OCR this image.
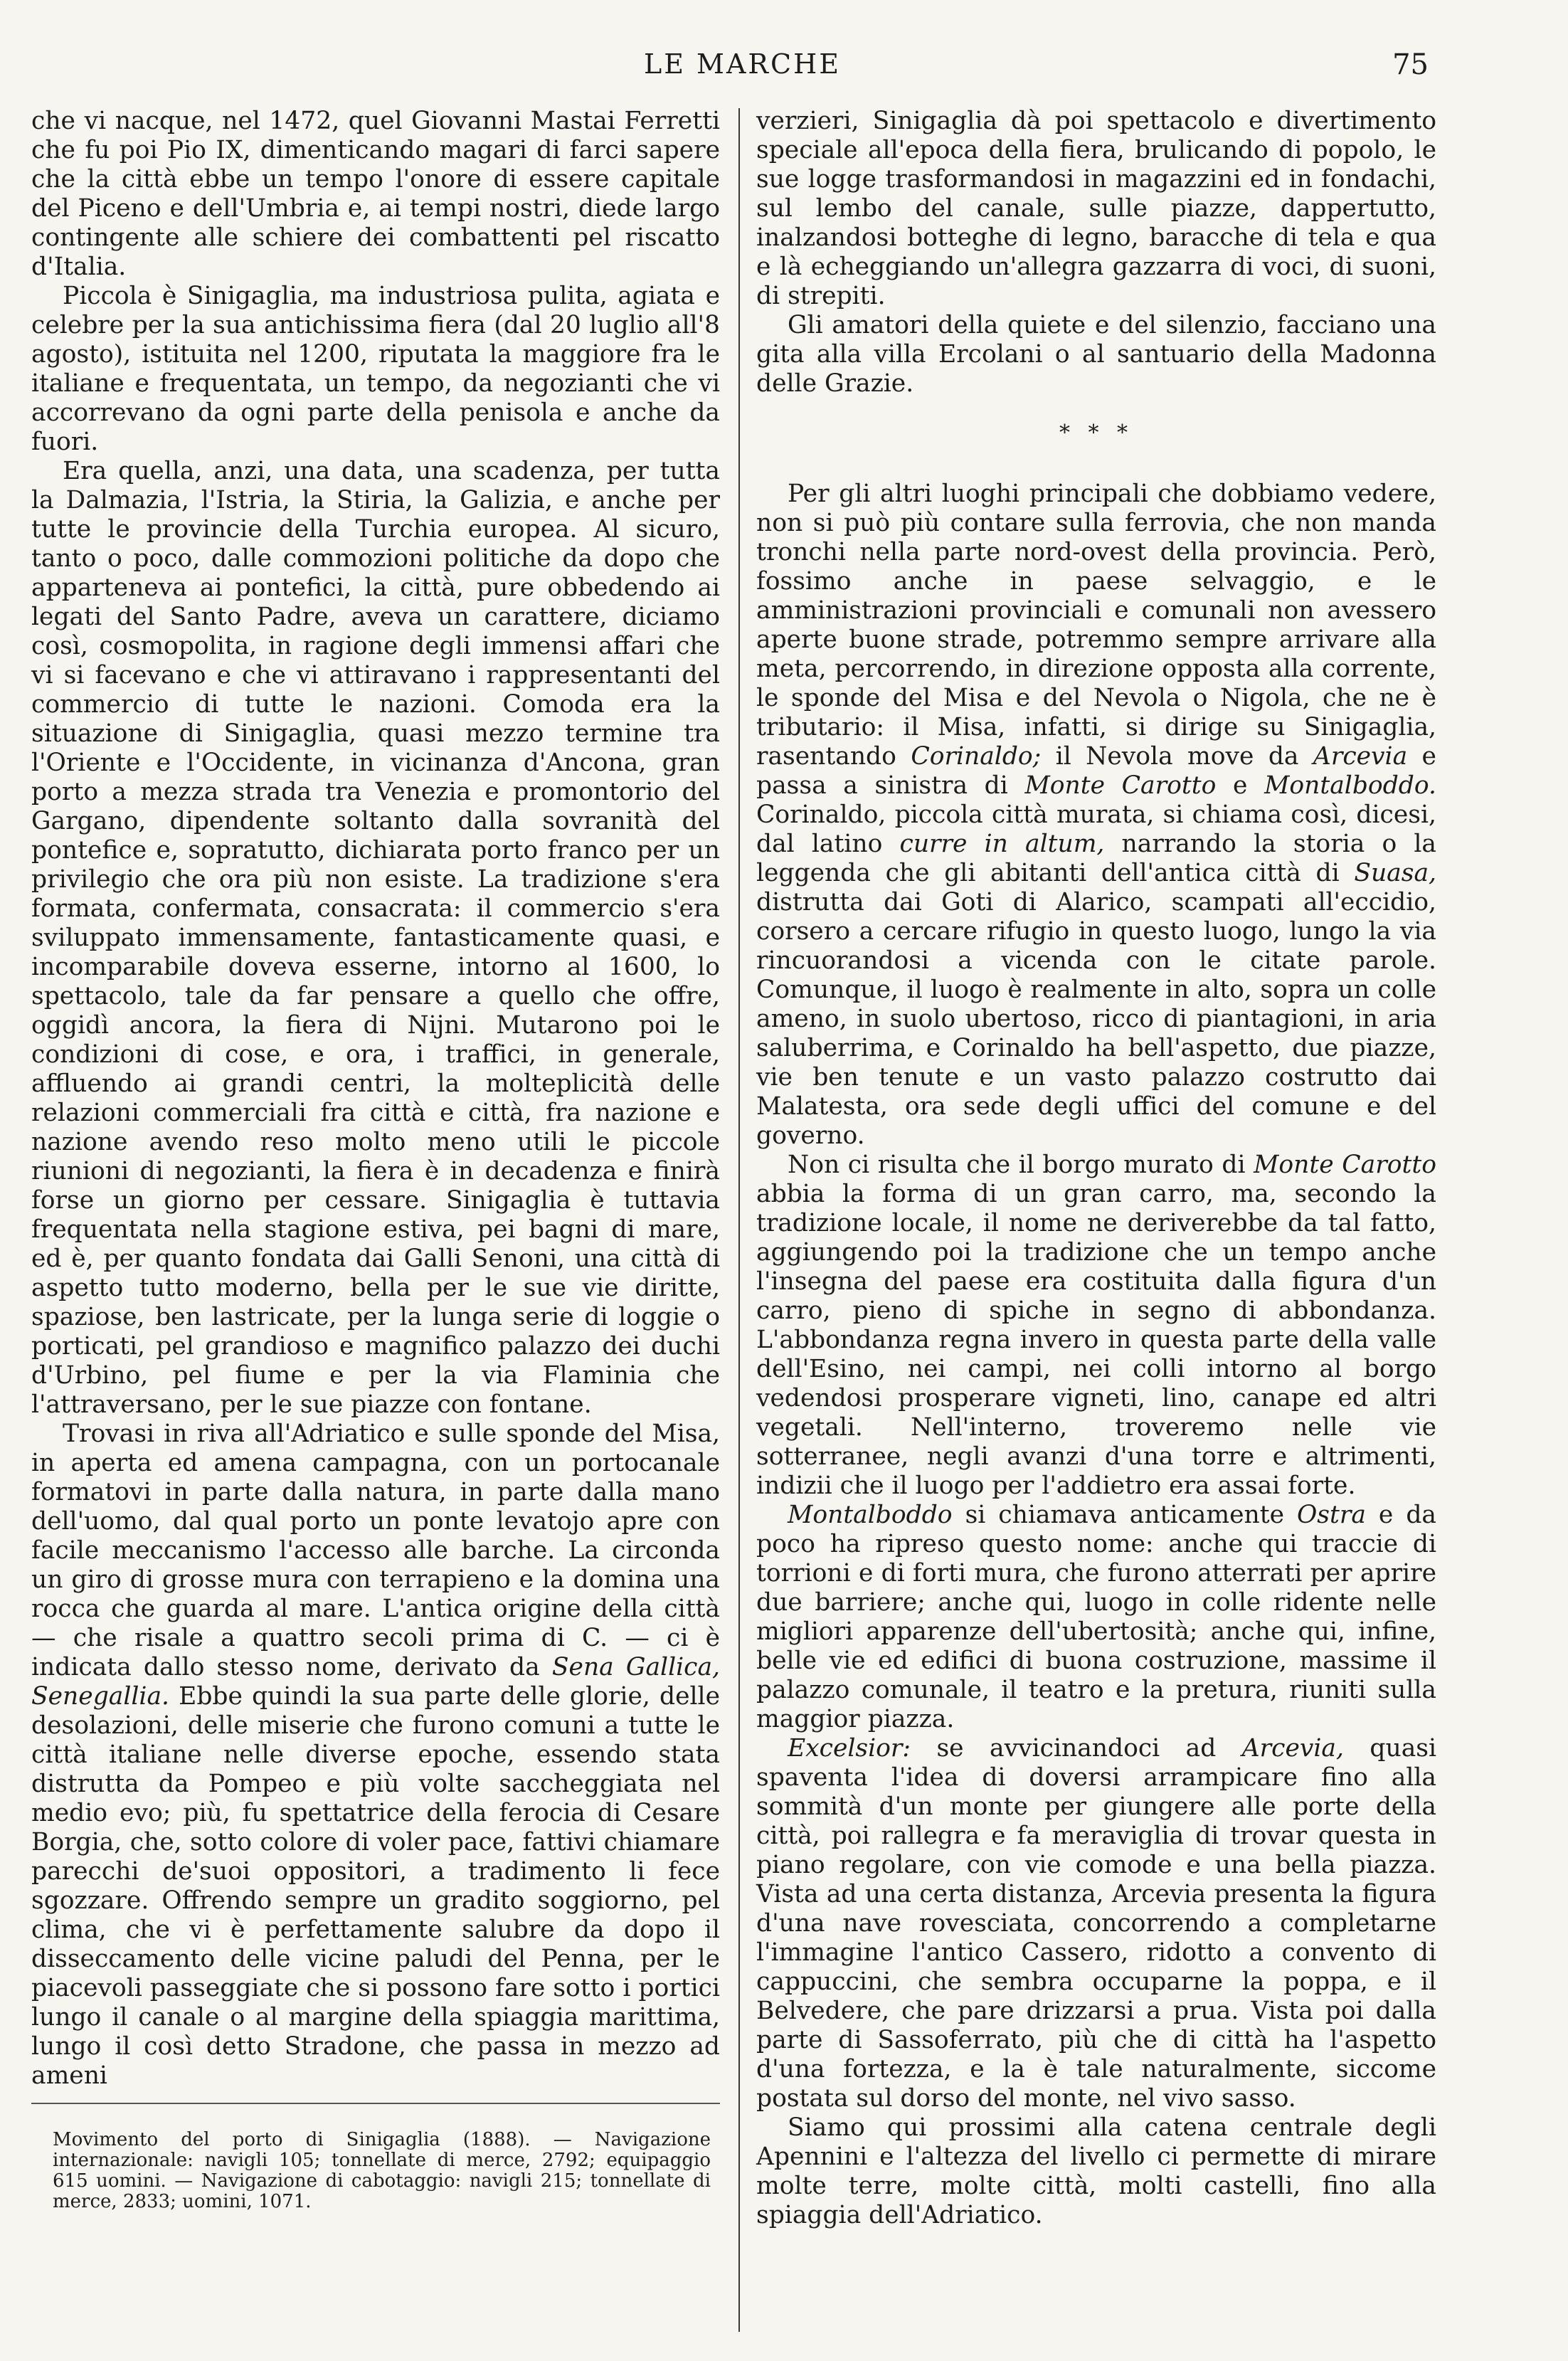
LE MARCHE	75

che vi nacque, nel 1472, quel Giovanni Mastai Ferretti che fu poi Pio IX, dimenticando magari di farci sapere che la città ebbe un tempo l'onore di essere capitale del Piceno e dell'Umbria e, ai tempi nostri, diede largo contingente alle schiere dei combattenti pel riscatto d'Italia.

Piccola è Sinigaglia, ma industriosa pulita, agiata e celebre per la sua antichissima fiera (dal 20 luglio all'8 agosto), istituita nel 1200, riputata la maggiore fra le italiane e frequentata, un tempo, da negozianti che vi accorrevano da ogni parte della penisola e anche da fuori.

Era quella, anzi, una data, una scadenza, per tutta la Dalmazia, l'Istria, la Stiria, la Galizia, e anche per tutte le provincie della Turchia europea. Al sicuro, tanto o poco, dalle commozioni politiche da dopo che apparteneva ai pontefici, la città, pure obbedendo ai legati del Santo Padre, aveva un carattere, diciamo così, cosmopolita, in ragione degli immensi affari che vi si facevano e che vi attiravano i rappresentanti del commercio di tutte le nazioni. Comoda era la situazione di Sinigaglia, quasi mezzo termine tra l'Oriente e l'Occidente, in vicinanza d'Ancona, gran porto a mezza strada tra Venezia e promontorio del Gargano, dipendente soltanto dalla sovranità del pontefice e, sopratutto, dichiarata porto franco per un privilegio che ora più non esiste. La tradizione s'era formata, confermata, consacrata: il commercio s'era sviluppato immensamente, fantasticamente quasi, e incomparabile doveva esserne, intorno al 1600, lo spettacolo, tale da far pensare a quello che offre, oggidì ancora, la fiera di Nijni. Mutarono poi le condizioni di cose, e ora, i traffici, in generale, affluendo ai grandi centri, la molteplicità delle relazioni commerciali fra città e città, fra nazione e nazione avendo reso molto meno utili le piccole riunioni di negozianti, la fiera è in decadenza e finirà forse un giorno per cessare. Sinigaglia è tuttavia frequentata nella stagione estiva, pei bagni di mare, ed è, per quanto fondata dai Galli Senoni, una città di aspetto tutto moderno, bella per le sue vie diritte, spaziose, ben lastricate, per la lunga serie di loggie o porticati, pel grandioso e magnifico palazzo dei duchi d'Urbino, pel fiume e per la via Flaminia che l'attraversano, per le sue piazze con fontane.

Trovasi in riva all'Adriatico e sulle sponde del Misa, in aperta ed amena campagna, con un portocanale formatovi in parte dalla natura, in parte dalla mano dell'uomo, dal qual porto un ponte levatojo apre con facile meccanismo l'accesso alle barche. La circonda un giro di grosse mura con terrapieno e la domina una rocca che guarda al mare. L'antica origine della città — che risale a quattro secoli prima di C. — ci è indicata dallo stesso nome, derivato da Sena Gallica, Senegallia. Ebbe quindi la sua parte delle glorie, delle desolazioni, delle miserie che furono comuni a tutte le città italiane nelle diverse epoche, essendo stata distrutta da Pompeo e più volte saccheggiata nel medio evo; più, fu spettatrice della ferocia di Cesare Borgia, che, sotto colore di voler pace, fattivi chiamare parecchi de'suoi oppositori, a tradimento li fece sgozzare. Offrendo sempre un gradito soggiorno, pel clima, che vi è perfettamente salubre da dopo il disseccamento delle vicine paludi del Penna, per le piacevoli passeggiate che si possono fare sotto i portici lungo il canale o al margine della spiaggia marittima, lungo il così detto Stradone, che passa in mezzo ad ameni

verzieri, Sinigaglia dà poi spettacolo e divertimento speciale all'epoca della fiera, brulicando di popolo, le sue logge trasformandosi in magazzini ed in fondachi, sul lembo del canale, sulle piazze, dappertutto, inalzandosi botteghe di legno, baracche di tela e qua e là echeggiando un'allegra gazzarra di voci, di suoni, di strepiti.

Gli amatori della quiete e del silenzio, facciano una gita alla villa Ercolani o al santuario della Madonna delle Grazie.

* * *

Per gli altri luoghi principali che dobbiamo vedere, non si può più contare sulla ferrovia, che non manda tronchi nella parte nord-ovest della provincia. Però, fossimo anche in paese selvaggio, e le amministrazioni provinciali e comunali non avessero aperte buone strade, potremmo sempre arrivare alla meta, percorrendo, in direzione opposta alla corrente, le sponde del Misa e del Nevola o Nigola, che ne è tributario: il Misa, infatti, si dirige su Sinigaglia, rasentando Corinaldo; il Nevola move da Arcevia e passa a sinistra di Monte Carotto e Montalboddo. Corinaldo, piccola città murata, si chiama così, dicesi, dal latino curre in altum, narrando la storia o la leggenda che gli abitanti dell'antica città di Suasa, distrutta dai Goti di Alarico, scampati all'eccidio, corsero a cercare rifugio in questo luogo, lungo la via rincuorandosi a vicenda con le citate parole. Comunque, il luogo è realmente in alto, sopra un colle ameno, in suolo ubertoso, ricco di piantagioni, in aria saluberrima, e Corinaldo ha bell'aspetto, due piazze, vie ben tenute e un vasto palazzo costrutto dai Malatesta, ora sede degli uffici del comune e del governo.

Non ci risulta che il borgo murato di Monte Carotto abbia la forma di un gran carro, ma, secondo la tradizione locale, il nome ne deriverebbe da tal fatto, aggiungendo poi la tradizione che un tempo anche l'insegna del paese era costituita dalla figura d'un carro, pieno di spiche in segno di abbondanza. L'abbondanza regna invero in questa parte della valle dell'Esino, nei campi, nei colli intorno al borgo vedendosi prosperare vigneti, lino, canape ed altri vegetali. Nell'interno, troveremo nelle vie sotterranee, negli avanzi d'una torre e altrimenti, indizii che il luogo per l'addietro era assai forte.

Montalboddo si chiamava anticamente Ostra e da poco ha ripreso questo nome: anche qui traccie di torrioni e di forti mura, che furono atterrati per aprire due barriere; anche qui, luogo in colle ridente nelle migliori apparenze dell'ubertosità; anche qui, infine, belle vie ed edifici di buona costruzione, massime il palazzo comunale, il teatro e la pretura, riuniti sulla maggior piazza.

Excelsior: se avvicinandoci ad Arcevia, quasi spaventa l'idea di doversi arrampicare fino alla sommità d'un monte per giungere alle porte della città, poi rallegra e fa meraviglia di trovar questa in piano regolare, con vie comode e una bella piazza. Vista ad una certa distanza, Arcevia presenta la figura d'una nave rovesciata, concorrendo a completarne l'immagine l'antico Cassero, ridotto a convento di cappuccini, che sembra occuparne la poppa, e il Belvedere, che pare drizzarsi a prua. Vista poi dalla parte di Sassoferrato, più che di città ha l'aspetto d'una fortezza, e la è tale naturalmente, siccome postata sul dorso del monte, nel vivo sasso.

Siamo qui prossimi alla catena centrale degli Apennini e l'altezza del livello ci permette di mirare molte terre, molte città, molti castelli, fino alla spiaggia dell'Adriatico.

Movimento del porto di Sinigaglia (1888). — Navigazione internazionale: navigli 105; tonnellate di merce, 2792; equipaggio 615 uomini. — Navigazione di cabotaggio: navigli 215; tonnellate di merce, 2833; uomini, 1071.
